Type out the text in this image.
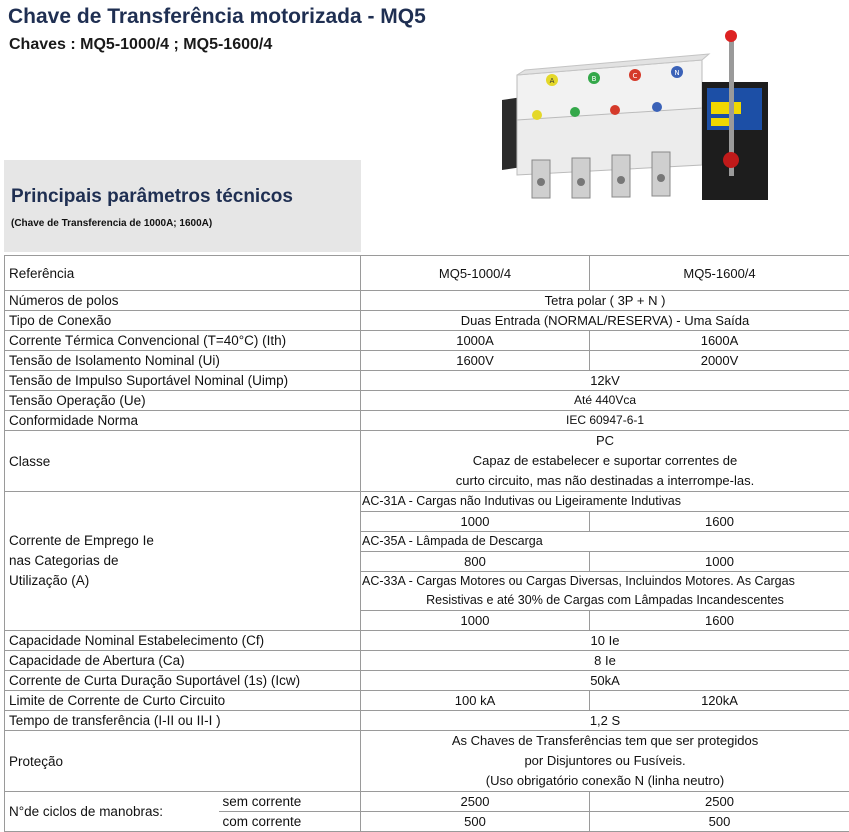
Chave de Transferência motorizada - MQ5
Chaves : MQ5-1000/4 ; MQ5-1600/4
A	B	C	N
Principais parâmetros técnicos
(Chave de Transferencia de 1000A; 1600A)
Referência		MQ5-1000/4	MQ5-1600/4
Números de polos		Tetra polar ( 3P + N )	
Tipo de Conexão		Duas Entrada (NORMAL/RESERVA) - Uma Saída	
Corrente Térmica Convencional (T=40°C) (Ith)		1000A	1600A
Tensão de Isolamento Nominal (Ui)		1600V	2000V
Tensão de Impulso Suportável Nominal (Uimp)		12kV	
Tensão Operação (Ue)		Até 440Vca	
Conformidade Norma		IEC 60947-6-1	
Classe		PC
Capaz de estabelecer e suportar correntes de
curto circuito, mas não destinadas a interrompe-las.	

Corrente de Emprego Ie
nas Categorias de
Utilização (A)		AC-31A - Cargas não Indutivas ou Ligeiramente Indutivas	
		1000	1600
		AC-35A - Lâmpada de Descarga	
		800	1000
		AC-33A - Cargas Motores ou Cargas Diversas, Incluindos Motores. As Cargas	
		Resistivas e até 30% de Cargas com Lâmpadas Incandescentes	
		1000	1600
Capacidade Nominal Estabelecimento (Cf)		10 Ie	
Capacidade de Abertura (Ca)		8 Ie	
Corrente de Curta Duração Suportável (1s) (Icw)		50kA	
Limite de Corrente de Curto Circuito		100 kA	120kA
Tempo de transferência (I-II ou II-I )		1,2 S	
Proteção		As Chaves de Transferências tem que ser protegidos
por Disjuntores ou Fusíveis.
(Uso obrigatório conexão N (linha neutro)	

N°de ciclos de manobras:	sem corrente	2500	2500
	com corrente	500	500
